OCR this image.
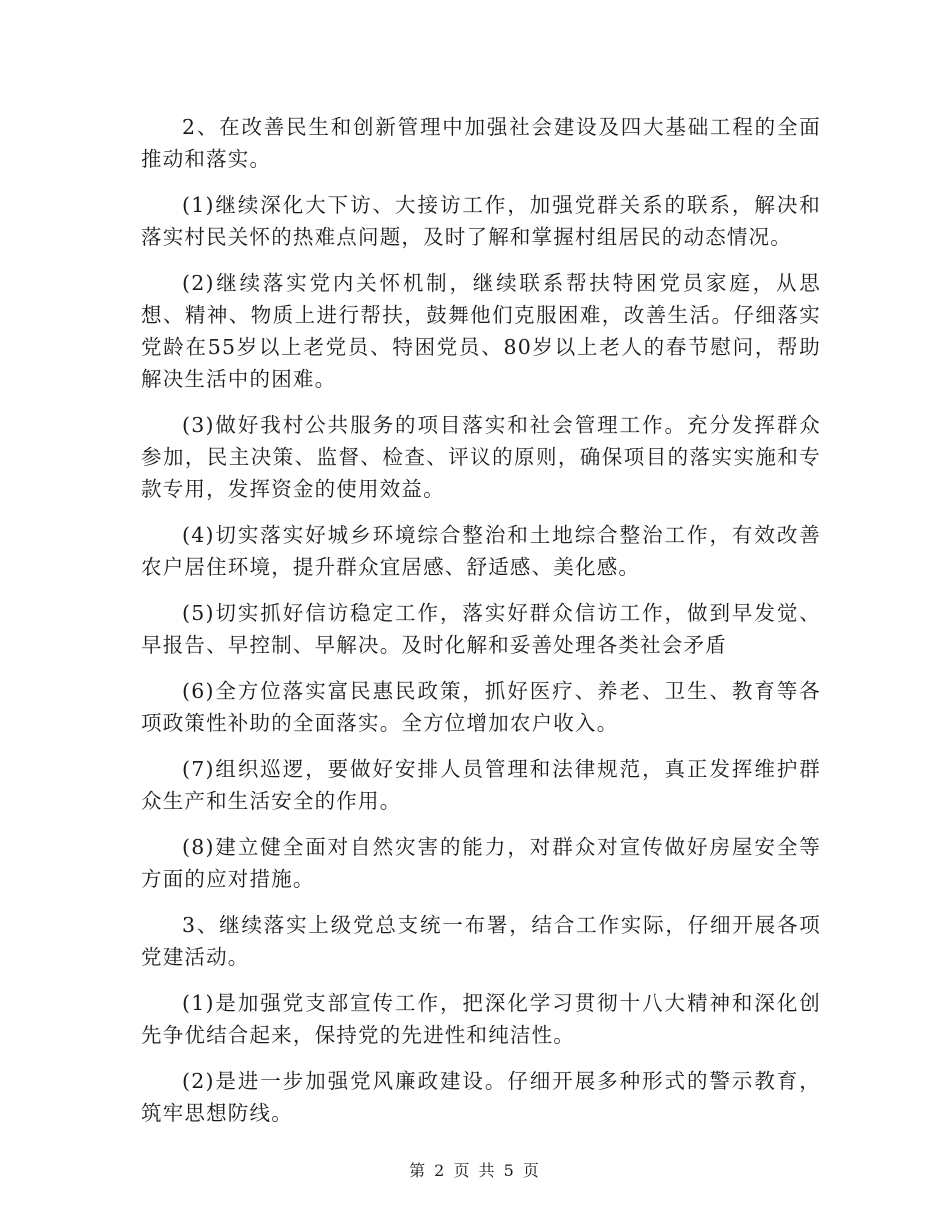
2、在改善民生和创新管理中加强社会建设及四大基础工程的全面推动和落实。

(1)继续深化大下访、大接访工作，加强党群关系的联系，解决和落实村民关怀的热难点问题，及时了解和掌握村组居民的动态情况。

(2)继续落实党内关怀机制，继续联系帮扶特困党员家庭，从思想、精神、物质上进行帮扶，鼓舞他们克服困难，改善生活。仔细落实党龄在55岁以上老党员、特困党员、80岁以上老人的春节慰问，帮助解决生活中的困难。

(3)做好我村公共服务的项目落实和社会管理工作。充分发挥群众参加，民主决策、监督、检查、评议的原则，确保项目的落实实施和专款专用，发挥资金的使用效益。

(4)切实落实好城乡环境综合整治和土地综合整治工作，有效改善农户居住环境，提升群众宜居感、舒适感、美化感。

(5)切实抓好信访稳定工作，落实好群众信访工作，做到早发觉、早报告、早控制、早解决。及时化解和妥善处理各类社会矛盾

(6)全方位落实富民惠民政策，抓好医疗、养老、卫生、教育等各项政策性补助的全面落实。全方位增加农户收入。

(7)组织巡逻，要做好安排人员管理和法律规范，真正发挥维护群众生产和生活安全的作用。

(8)建立健全面对自然灾害的能力，对群众对宣传做好房屋安全等方面的应对措施。

3、继续落实上级党总支统一布署，结合工作实际，仔细开展各项党建活动。

(1)是加强党支部宣传工作，把深化学习贯彻十八大精神和深化创先争优结合起来，保持党的先进性和纯洁性。

(2)是进一步加强党风廉政建设。仔细开展多种形式的警示教育，筑牢思想防线。

第 2 页 共 5 页
